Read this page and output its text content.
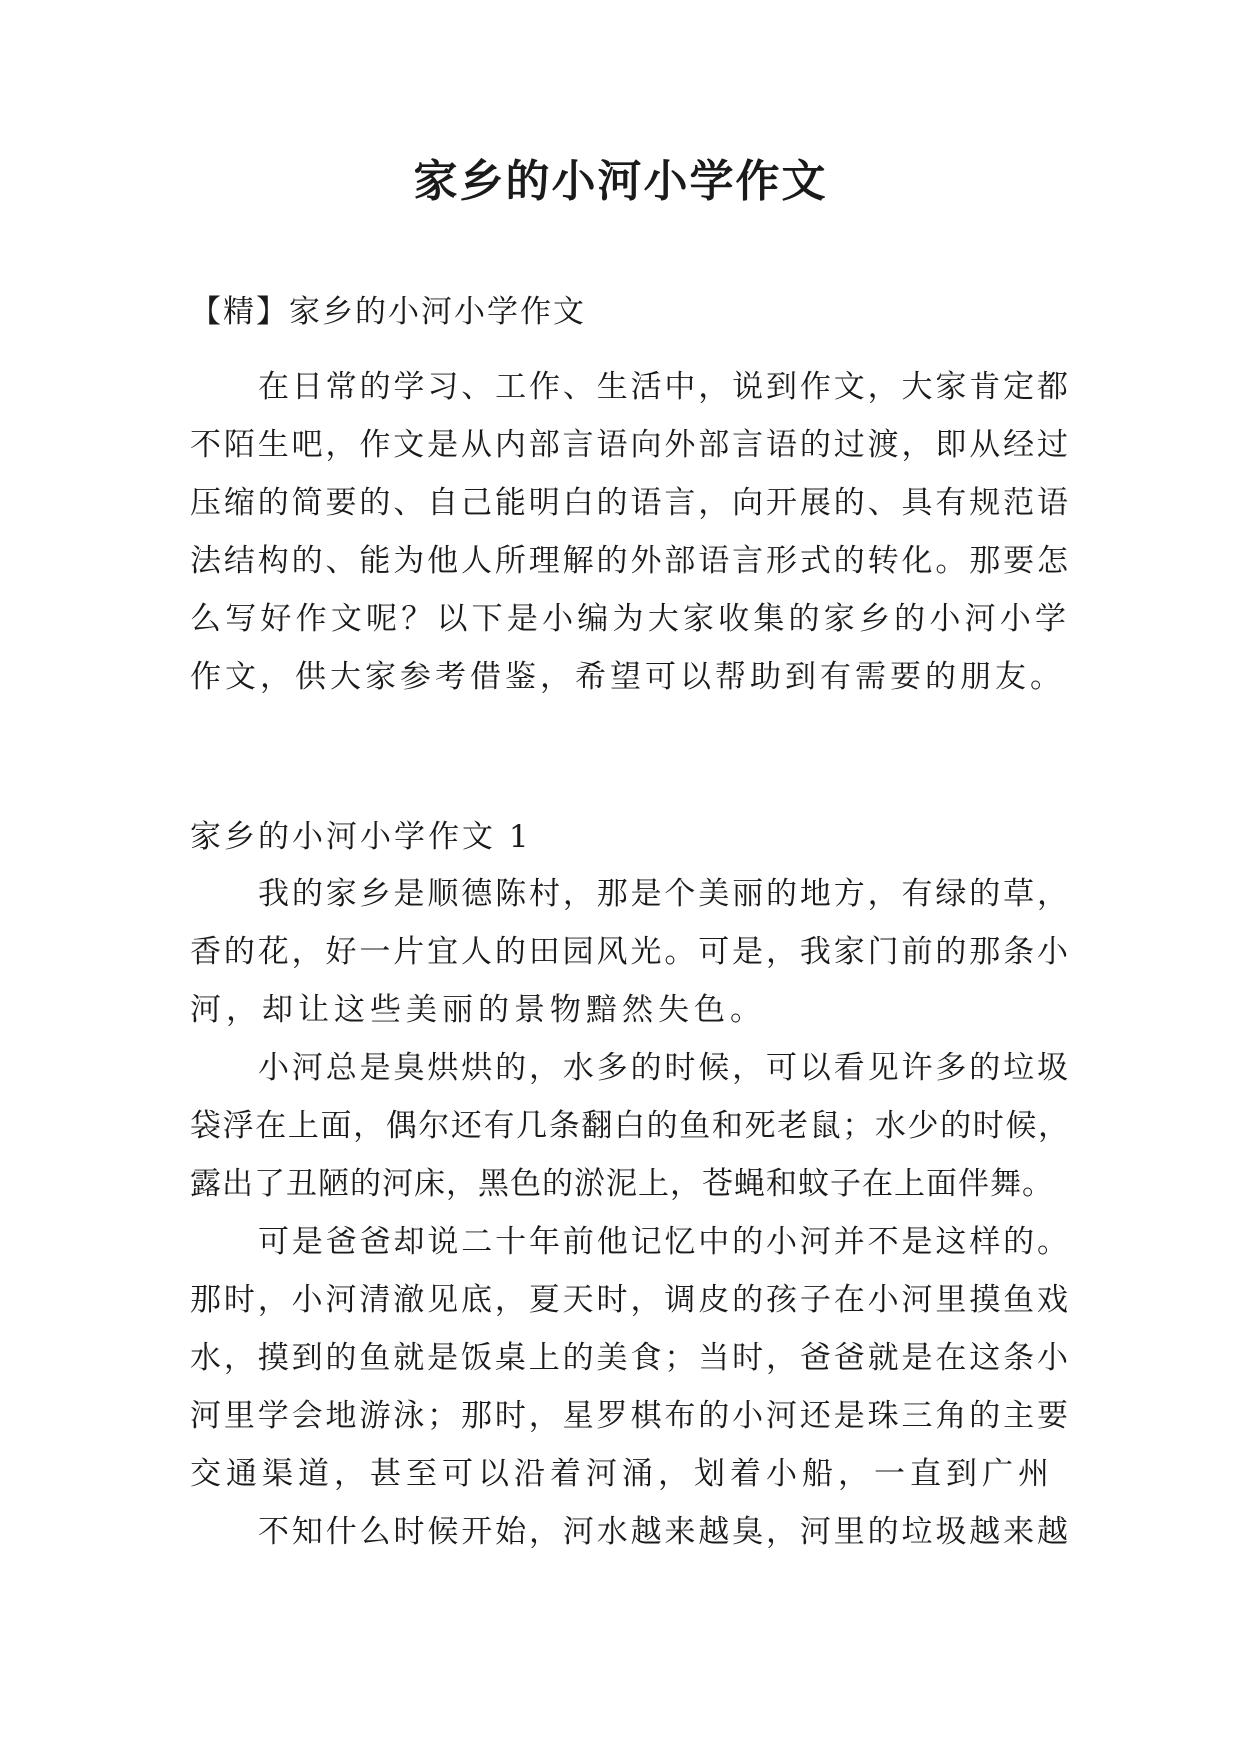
家乡的小河小学作文

【精】家乡的小河小学作文

在日常的学习、工作、生活中，说到作文，大家肯定都
不陌生吧，作文是从内部言语向外部言语的过渡，即从经过
压缩的简要的、自己能明白的语言，向开展的、具有规范语
法结构的、能为他人所理解的外部语言形式的转化。那要怎
么写好作文呢？以下是小编为大家收集的家乡的小河小学
作文，供大家参考借鉴，希望可以帮助到有需要的朋友。

家乡的小河小学作文 1

我的家乡是顺德陈村，那是个美丽的地方，有绿的草，
香的花，好一片宜人的田园风光。可是，我家门前的那条小
河，却让这些美丽的景物黯然失色。
小河总是臭烘烘的，水多的时候，可以看见许多的垃圾
袋浮在上面，偶尔还有几条翻白的鱼和死老鼠；水少的时候，
露出了丑陋的河床，黑色的淤泥上，苍蝇和蚊子在上面伴舞。
可是爸爸却说二十年前他记忆中的小河并不是这样的。
那时，小河清澈见底，夏天时，调皮的孩子在小河里摸鱼戏
水，摸到的鱼就是饭桌上的美食；当时，爸爸就是在这条小
河里学会地游泳；那时，星罗棋布的小河还是珠三角的主要
交通渠道，甚至可以沿着河涌，划着小船，一直到广州
不知什么时候开始，河水越来越臭，河里的垃圾越来越
